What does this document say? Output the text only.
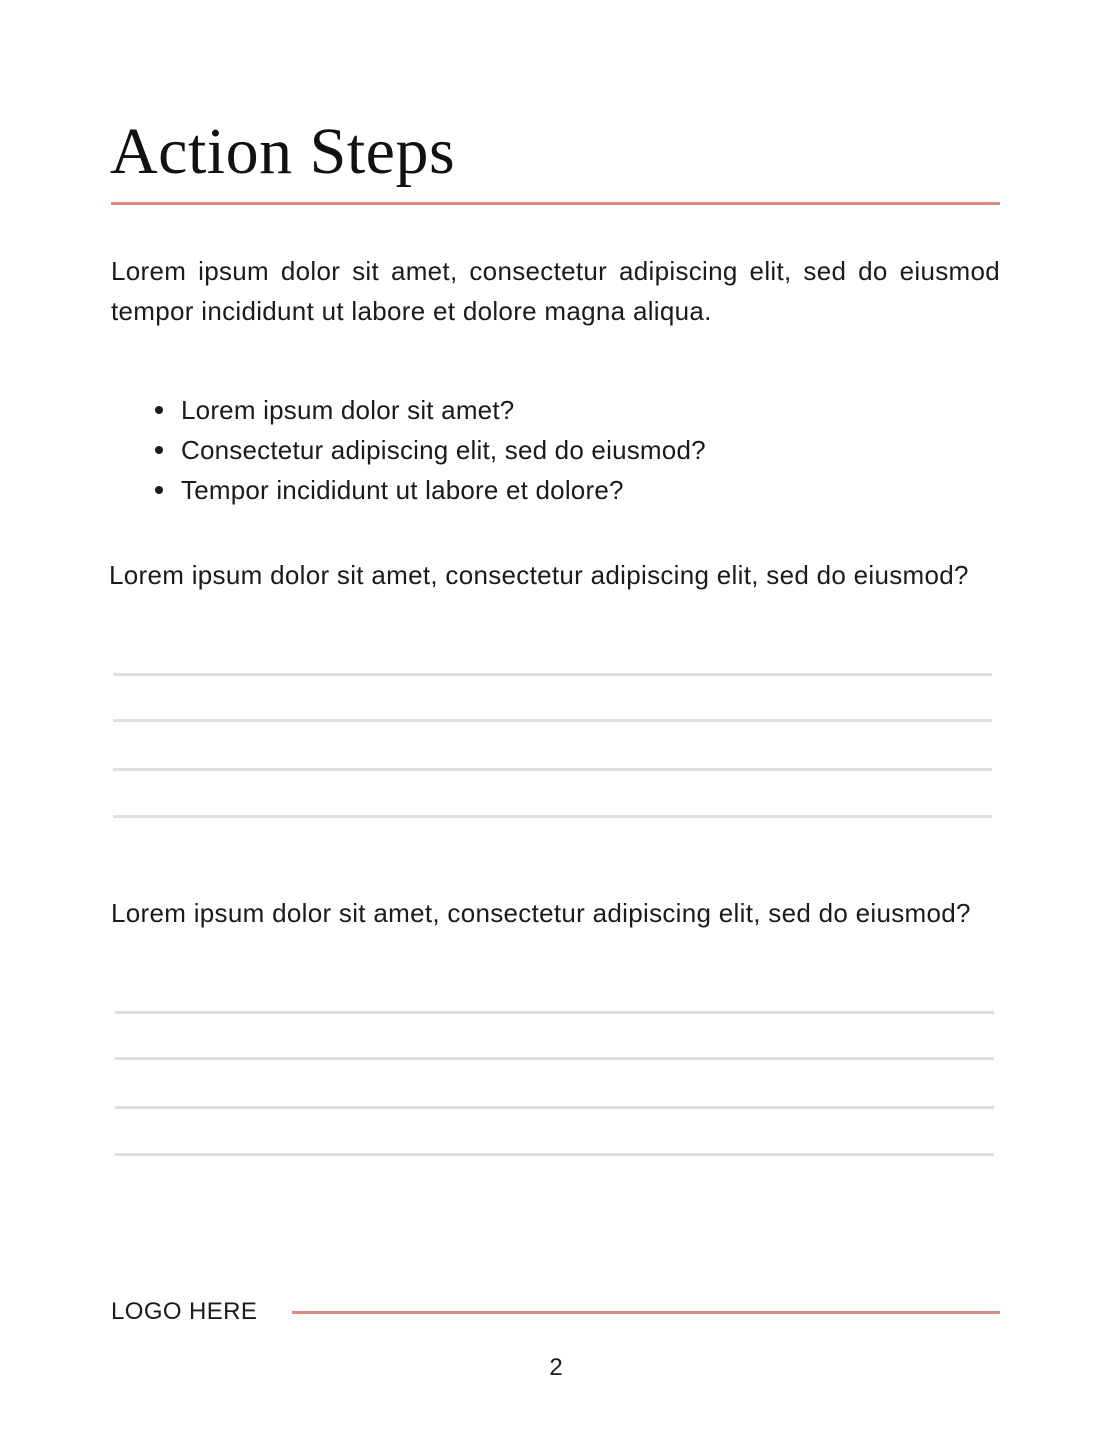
Action Steps

Lorem ipsum dolor sit amet, consectetur adipiscing elit, sed do eiusmod tempor incididunt ut labore et dolore magna aliqua.

Lorem ipsum dolor sit amet?
Consectetur adipiscing elit, sed do eiusmod?
Tempor incididunt ut labore et dolore?

Lorem ipsum dolor sit amet, consectetur adipiscing elit, sed do eiusmod?

Lorem ipsum dolor sit amet, consectetur adipiscing elit, sed do eiusmod?

LOGO HERE

2
